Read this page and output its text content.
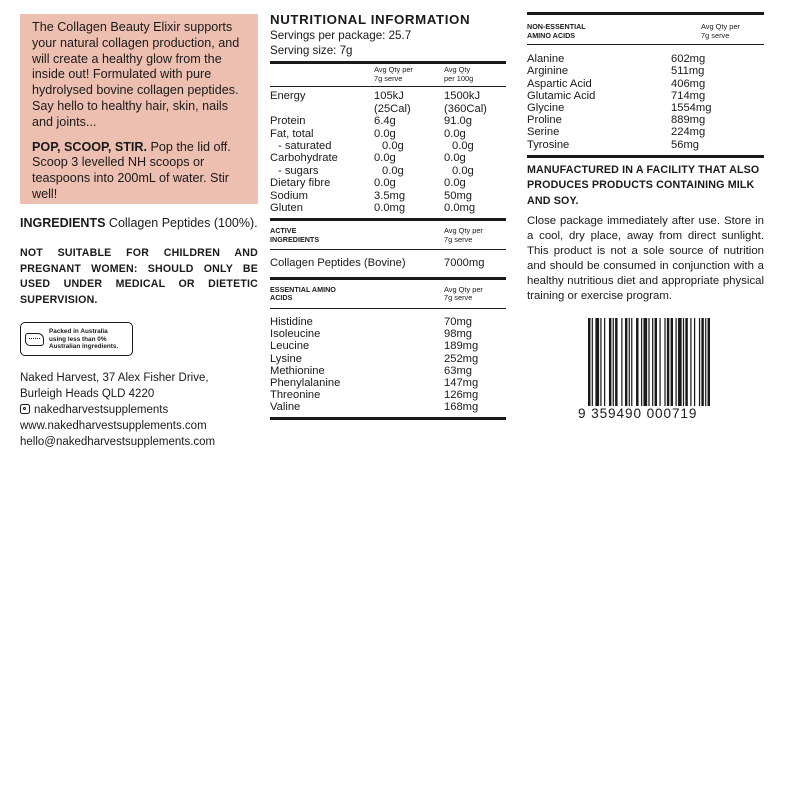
The Collagen Beauty Elixir supports your natural collagen production, and will create a healthy glow from the inside out! Formulated with pure hydrolysed bovine collagen peptides. Say hello to healthy hair, skin, nails and joints...

POP, SCOOP, STIR. Pop the lid off. Scoop 3 levelled NH scoops or teaspoons into 200mL of water. Stir well!

INGREDIENTS Collagen Peptides (100%).
NOT SUITABLE FOR CHILDREN AND PREGNANT WOMEN: SHOULD ONLY BE USED UNDER MEDICAL OR DIETETIC SUPERVISION.
Packed in Australia
using less than 0%
Australian ingredients.
Naked Harvest, 37 Alex Fisher Drive,
Burleigh Heads QLD 4220
nakedharvestsupplements
www.nakedharvestsupplements.com
hello@nakedharvestsupplements.com
NUTRITIONAL INFORMATION
Servings per package: 25.7
Serving size: 7g
Avg Qty per
7g serve
Avg Qty
per 100g
Energy	105kJ	1500kJ
(25Cal)	(360Cal)
Protein	6.4g	91.0g
Fat, total	0.0g	0.0g
- saturated	0.0g	0.0g
Carbohydrate	0.0g	0.0g
- sugars	0.0g	0.0g
Dietary fibre	0.0g	0.0g
Sodium	3.5mg	50mg
Gluten	0.0mg	0.0mg
ACTIVE
INGREDIENTS
Avg Qty per
7g serve
Collagen Peptides (Bovine)	7000mg
ESSENTIAL AMINO
ACIDS
Avg Qty per
7g serve
Histidine	70mg
Isoleucine	98mg
Leucine	189mg
Lysine	252mg
Methionine	63mg
Phenylalanine	147mg
Threonine	126mg
Valine	168mg
NON-ESSENTIAL
AMINO ACIDS
Avg Qty per
7g serve
Alanine	602mg
Arginine	511mg
Aspartic Acid	406mg
Glutamic Acid	714mg
Glycine	1554mg
Proline	889mg
Serine	224mg
Tyrosine	56mg
MANUFACTURED IN A FACILITY THAT ALSO PRODUCES PRODUCTS CONTAINING MILK AND SOY.
Close package immediately after use. Store in a cool, dry place, away from direct sunlight. This product is not a sole source of nutrition and should be consumed in conjunction with a healthy nutritious diet and appropriate physical training or exercise program.
9 359490 000719
